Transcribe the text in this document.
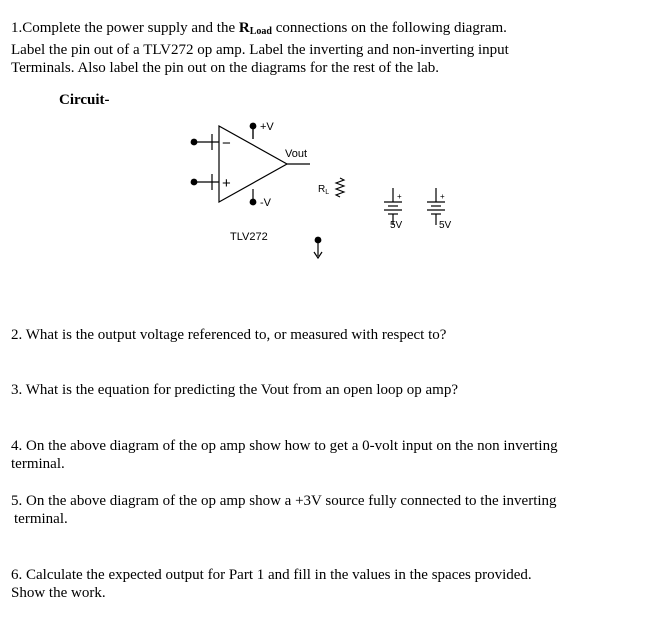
1.Complete the power supply and the $R_{Load}$ connections on the following diagram.
Label the pin out of a TLV272 op amp. Label the inverting and non-inverting input
Terminals. Also label the pin out on the diagrams for the rest of the lab.
Circuit-
+V
-V
Vout
−
+
TLV272
$R_L$	+	+
5V	5V
2. What is the output voltage referenced to, or measured with respect to?
3. What is the equation for predicting the Vout from an open loop op amp?
4. On the above diagram of the op amp show how to get a 0-volt input on the non inverting
terminal.
5. On the above diagram of the op amp show a +3V source fully connected to the inverting
terminal.
6. Calculate the expected output for Part 1 and fill in the values in the spaces provided.
Show the work.
